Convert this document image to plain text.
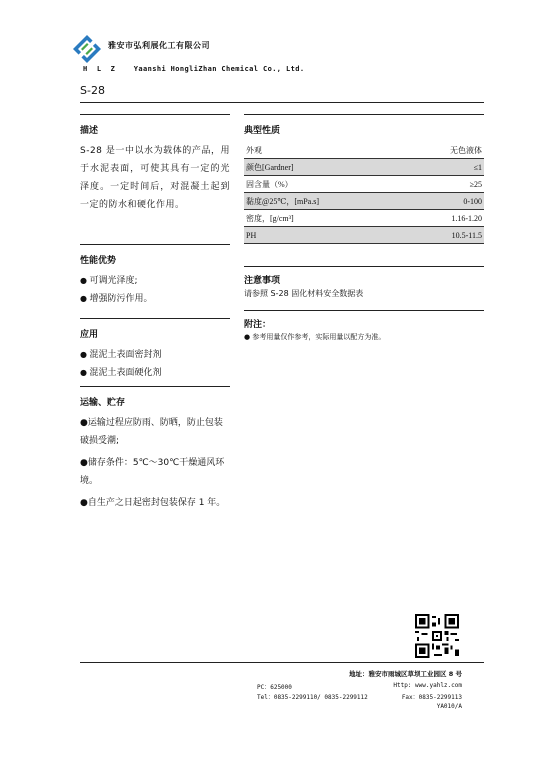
雅安市弘利展化工有限公司
H  L  Z    Yaanshi HongliZhan Chemical Co., Ltd.
S-28
描述
S-28 是一中以水为载体的产品，用于水泥表面，可使其具有一定的光泽度。一定时间后，对混凝土起到一定的防水和硬化作用。
性能优势
● 可调光泽度;
● 增强防污作用。
应用
● 混泥土表面密封剂
● 混泥土表面硬化剂
运输、贮存
●运输过程应防雨、防晒，防止包装破损受潮;
●储存条件：5℃～30℃干燥通风环境。
●自生产之日起密封包装保存 1 年。
典型性质
外观	无色液体
颜色[Gardner]	≤1
固含量（%）	≥25
黏度@25℃，[mPa.s]	0-100
密度，[g/cm³]	1.16-1.20
PH	10.5-11.5
注意事项
请参照 S-28 固化材料安全数据表
附注：
● 参考用量仅作参考，实际用量以配方为准。
地址：雅安市雨城区草坝工业园区 8 号
PC：625000	Http: www.yahlz.com
Tel：0835-2299110/ 0835-2299112	Fax：0835-2299113
YA010/A
